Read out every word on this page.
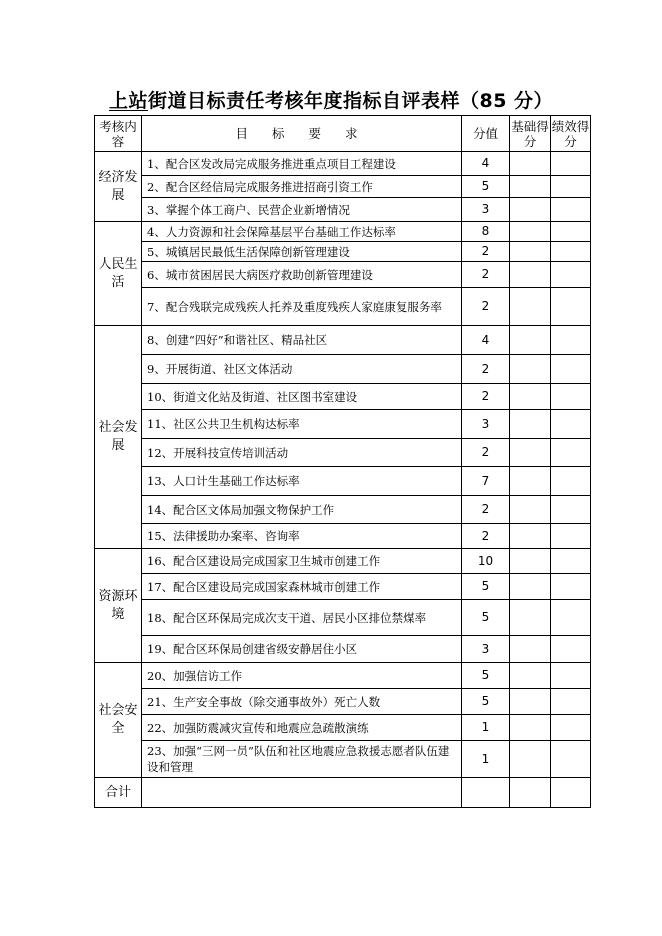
上站街道目标责任考核年度指标自评表样（85 分）
考核内容	目 标 要 求	分值	基础得分	绩效得分
经济发展	1、配合区发改局完成服务推进重点项目工程建设	4		
	2、配合区经信局完成服务推进招商引资工作	5		
	3、掌握个体工商户、民营企业新增情况	3		
人民生活	4、人力资源和社会保障基层平台基础工作达标率	8		
	5、城镇居民最低生活保障创新管理建设	2		
	6、城市贫困居民大病医疗救助创新管理建设	2		
	7、配合残联完成残疾人托养及重度残疾人家庭康复服务率	2		
社会发展	8、创建“四好”和谐社区、精品社区	4		
	9、开展街道、社区文体活动	2		
	10、街道文化站及街道、社区图书室建设	2		
	11、社区公共卫生机构达标率	3		
	12、开展科技宣传培训活动	2		
	13、人口计生基础工作达标率	7		
	14、配合区文体局加强文物保护工作	2		
	15、法律援助办案率、咨询率	2		
资源环境	16、配合区建设局完成国家卫生城市创建工作	10		
	17、配合区建设局完成国家森林城市创建工作	5		
	18、配合区环保局完成次支干道、居民小区排位禁煤率	5		
	19、配合区环保局创建省级安静居住小区	3		
社会安全	20、加强信访工作	5		
	21、生产安全事故（除交通事故外）死亡人数	5		
	22、加强防震减灾宣传和地震应急疏散演练	1		
	23、加强“三网一员”队伍和社区地震应急救援志愿者队伍建设和管理	1		
合计				
